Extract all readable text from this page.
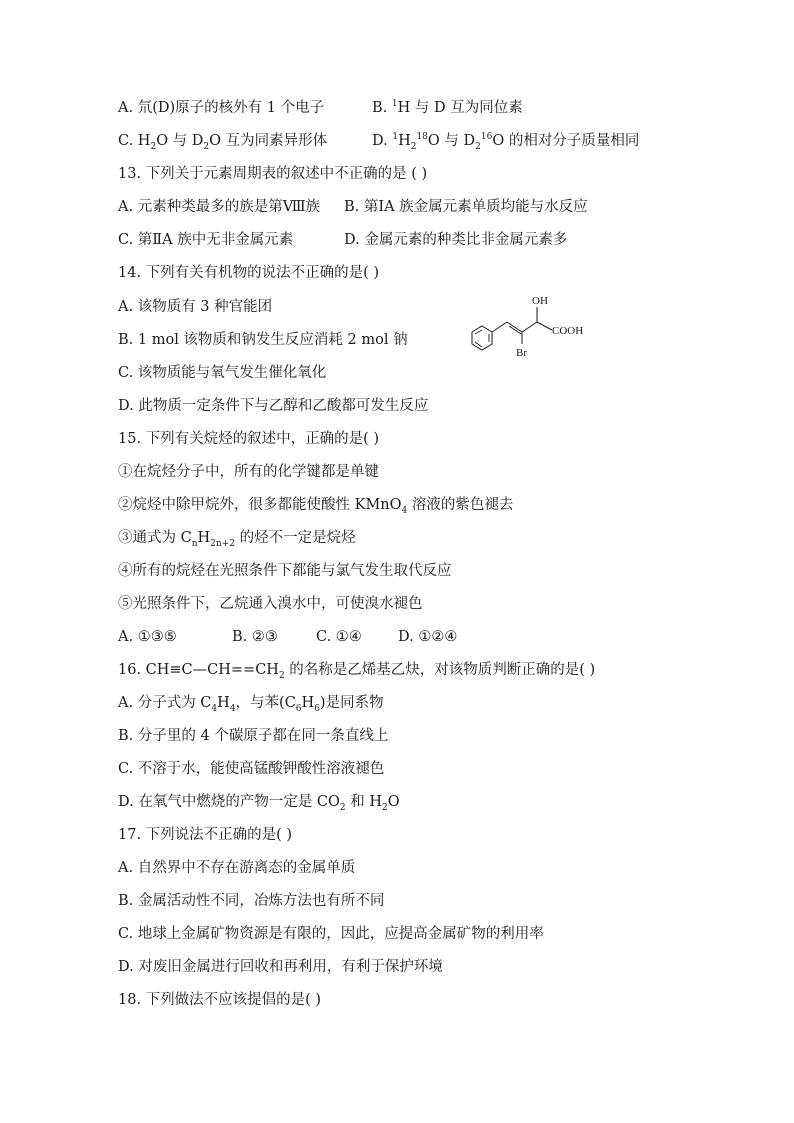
A. 氘(D)原子的核外有 1 个电子	B. $^1$H 与 D 互为同位素
C. $H_2O$ 与 $D_2O$ 互为同素异形体	D. $^1H_2^{18}O$ 与 $D_2^{16}O$ 的相对分子质量相同
13. 下列关于元素周期表的叙述中不正确的是 ( )
A. 元素种类最多的族是第Ⅷ族 B. 第ⅠA 族金属元素单质均能与水反应
C. 第ⅡA 族中无非金属元素	D. 金属元素的种类比非金属元素多
14. 下列有关有机物的说法不正确的是( )
A. 该物质有 3 种官能团
B. 1 mol 该物质和钠发生反应消耗 2 mol 钠
C. 该物质能与氧气发生催化氧化
D. 此物质一定条件下与乙醇和乙酸都可发生反应
OH
COOH
Br
15. 下列有关烷烃的叙述中，正确的是( )
①在烷烃分子中，所有的化学键都是单键
②烷烃中除甲烷外，很多都能使酸性 KMnO$_4$ 溶液的紫色褪去
③通式为 $C_nH_{2n+2}$ 的烃不一定是烷烃
④所有的烷烃在光照条件下都能与氯气发生取代反应
⑤光照条件下，乙烷通入溴水中，可使溴水褪色
A. ①③⑤	B. ②③	C. ①④ D. ①②④
16. $CH\equiv C—CH==CH_2$ 的名称是乙烯基乙炔，对该物质判断正确的是( )
A. 分子式为 $C_4H_4$，与苯$(C_6H_6)$是同系物
B. 分子里的 4 个碳原子都在同一条直线上
C. 不溶于水，能使高锰酸钾酸性溶液褪色
D. 在氧气中燃烧的产物一定是 $CO_2$ 和 $H_2O$
17. 下列说法不正确的是( )
A. 自然界中不存在游离态的金属单质
B. 金属活动性不同，冶炼方法也有所不同
C. 地球上金属矿物资源是有限的，因此，应提高金属矿物的利用率
D. 对废旧金属进行回收和再利用，有利于保护环境
18. 下列做法不应该提倡的是( )
